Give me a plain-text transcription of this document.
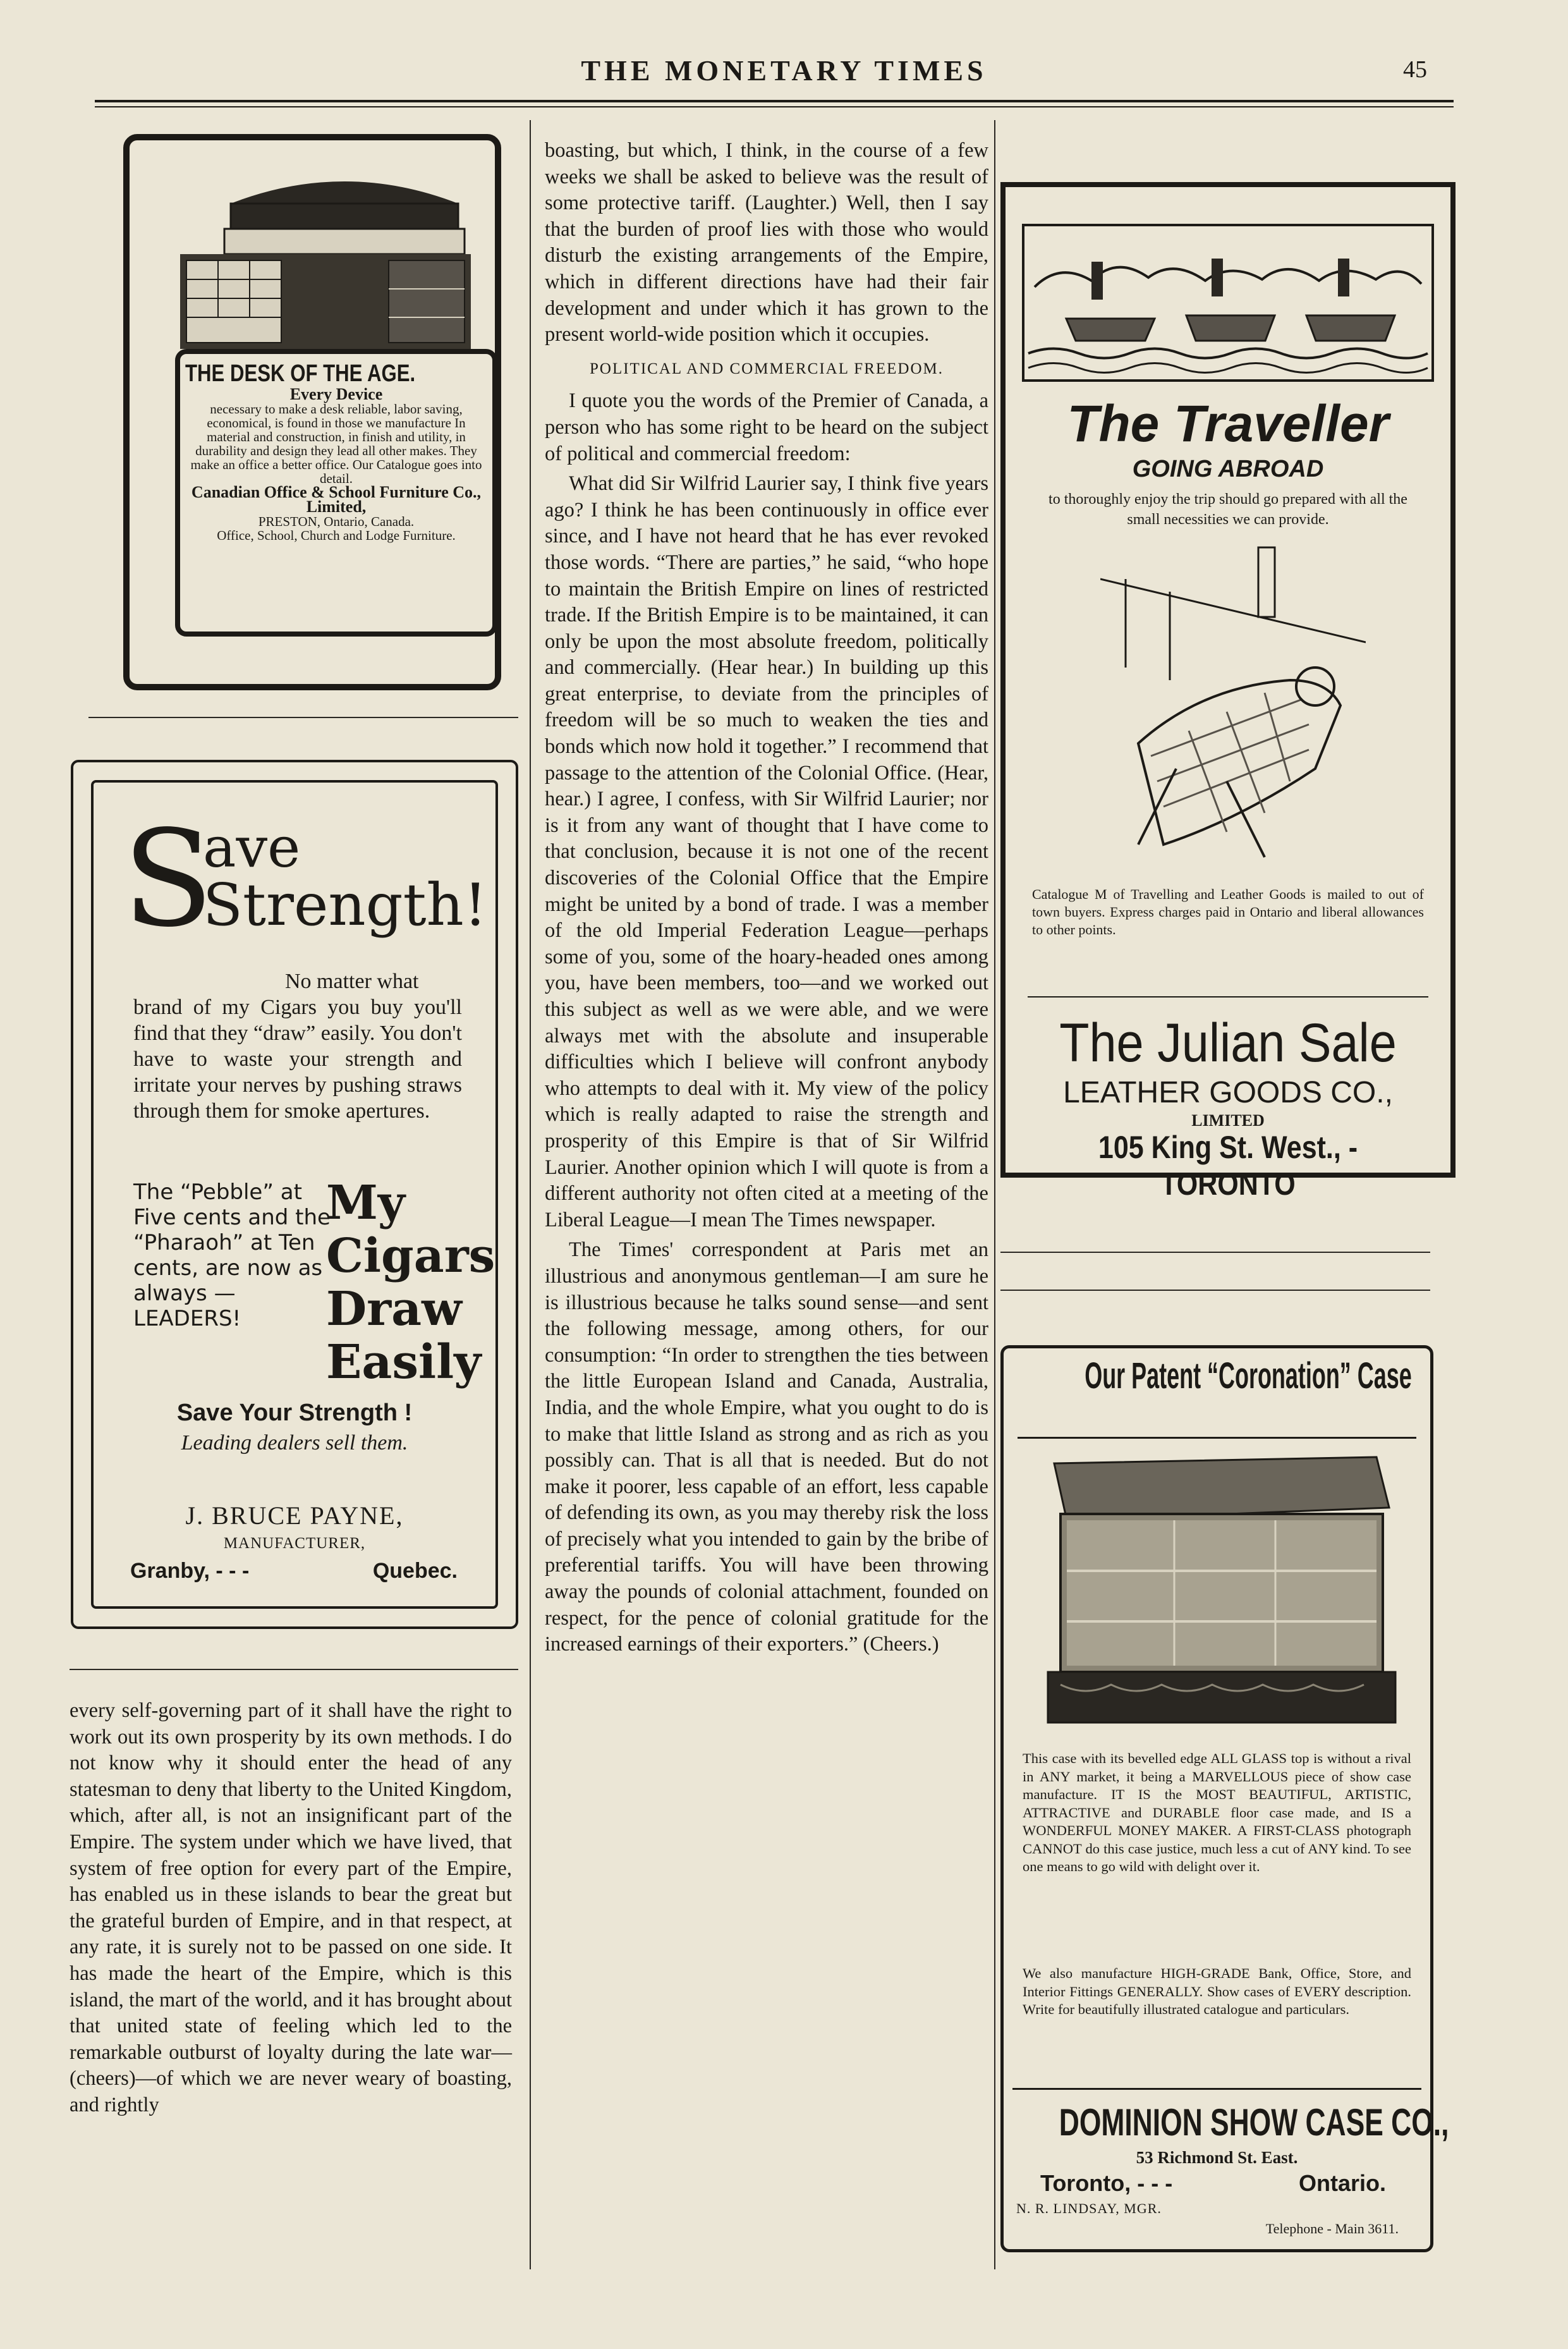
THE MONETARY TIMES	45
THE DESK OF THE AGE.
Every Device
necessary to make a desk reliable, labor saving, economical, is found in those we manufacture In material and construction, in finish and utility, in durability and design they lead all other makes. They make an office a better office. Our Catalogue goes into detail.
Canadian Office & School Furniture Co., Limited,
PRESTON, Ontario, Canada.
Office, School, Church and Lodge Furniture.
S
ave
Strength!
No matter what
brand of my Cigars you buy you'll find that they “draw” easily. You don't have to waste your strength and irritate your nerves by pushing straws through them for smoke apertures.
The “Pebble” at Five cents and the “Pharaoh” at Ten cents, are now as always —LEADERS!
My
Cigars
Draw
Easily
Save Your Strength !
Leading dealers sell them.
J. BRUCE PAYNE,
MANUFACTURER,
Granby, - - -	Quebec.

every self-governing part of it shall have the right to work out its own prosperity by its own methods. I do not know why it should enter the head of any statesman to deny that liberty to the United Kingdom, which, after all, is not an insignificant part of the Empire. The system under which we have lived, that system of free option for every part of the Empire, has enabled us in these islands to bear the great but the grateful burden of Empire, and in that respect, at any rate, it is surely not to be passed on one side. It has made the heart of the Empire, which is this island, the mart of the world, and it has brought about that united state of feeling which led to the remarkable outburst of loyalty during the late war—(cheers)—of which we are never weary of boasting, and rightly

boasting, but which, I think, in the course of a few weeks we shall be asked to believe was the result of some protective tariff. (Laughter.) Well, then I say that the burden of proof lies with those who would disturb the existing arrangements of the Empire, which in different directions have had their fair development and under which it has grown to the present world-wide position which it occupies.

POLITICAL AND COMMERCIAL FREEDOM.

I quote you the words of the Premier of Canada, a person who has some right to be heard on the subject of political and commercial freedom:

What did Sir Wilfrid Laurier say, I think five years ago? I think he has been continuously in office ever since, and I have not heard that he has ever revoked those words. “There are parties,” he said, “who hope to maintain the British Empire on lines of restricted trade. If the British Empire is to be maintained, it can only be upon the most absolute freedom, politically and commercially. (Hear hear.) In building up this great enterprise, to deviate from the principles of freedom will be so much to weaken the ties and bonds which now hold it together.” I recommend that passage to the attention of the Colonial Office. (Hear, hear.) I agree, I confess, with Sir Wilfrid Laurier; nor is it from any want of thought that I have come to that conclusion, because it is not one of the recent discoveries of the Colonial Office that the Empire might be united by a bond of trade. I was a member of the old Imperial Federation League—perhaps some of you, some of the hoary-headed ones among you, have been members, too—and we worked out this subject as well as we were able, and we were always met with the absolute and insuperable difficulties which I believe will confront anybody who attempts to deal with it. My view of the policy which is really adapted to raise the strength and prosperity of this Empire is that of Sir Wilfrid Laurier. Another opinion which I will quote is from a different authority not often cited at a meeting of the Liberal League—I mean The Times newspaper.

The Times' correspondent at Paris met an illustrious and anonymous gentleman—I am sure he is illustrious because he talks sound sense—and sent the following message, among others, for our consumption: “In order to strengthen the ties between the little European Island and Canada, Australia, India, and the whole Empire, what you ought to do is to make that little Island as strong and as rich as you possibly can. That is all that is needed. But do not make it poorer, less capable of an effort, less capable of defending its own, as you may thereby risk the loss of precisely what you intended to gain by the bribe of preferential tariffs. You will have been throwing away the pounds of colonial attachment, founded on respect, for the pence of colonial gratitude for the increased earnings of their exporters.” (Cheers.)

The Traveller
GOING ABROAD
to thoroughly enjoy the trip should go prepared with all the small necessities we can provide.
Catalogue M of Travelling and Leather Goods is mailed to out of town buyers. Express charges paid in Ontario and liberal allowances to other points.
The Julian Sale
LEATHER GOODS CO.,
LIMITED
105 King St. West., - TORONTO
Our Patent “Coronation” Case
This case with its bevelled edge ALL GLASS top is without a rival in ANY market, it being a MARVELLOUS piece of show case manufacture. IT IS the MOST BEAUTIFUL, ARTISTIC, ATTRACTIVE and DURABLE floor case made, and IS a WONDERFUL MONEY MAKER. A FIRST-CLASS photograph CANNOT do this case justice, much less a cut of ANY kind. To see one means to go wild with delight over it.
We also manufacture HIGH-GRADE Bank, Office, Store, and Interior Fittings GENERALLY. Show cases of EVERY description. Write for beautifully illustrated catalogue and particulars.
DOMINION SHOW CASE CO.,
53 Richmond St. East.
Toronto, - - -	Ontario.
N. R. LINDSAY, MGR.
Telephone - Main 3611.
